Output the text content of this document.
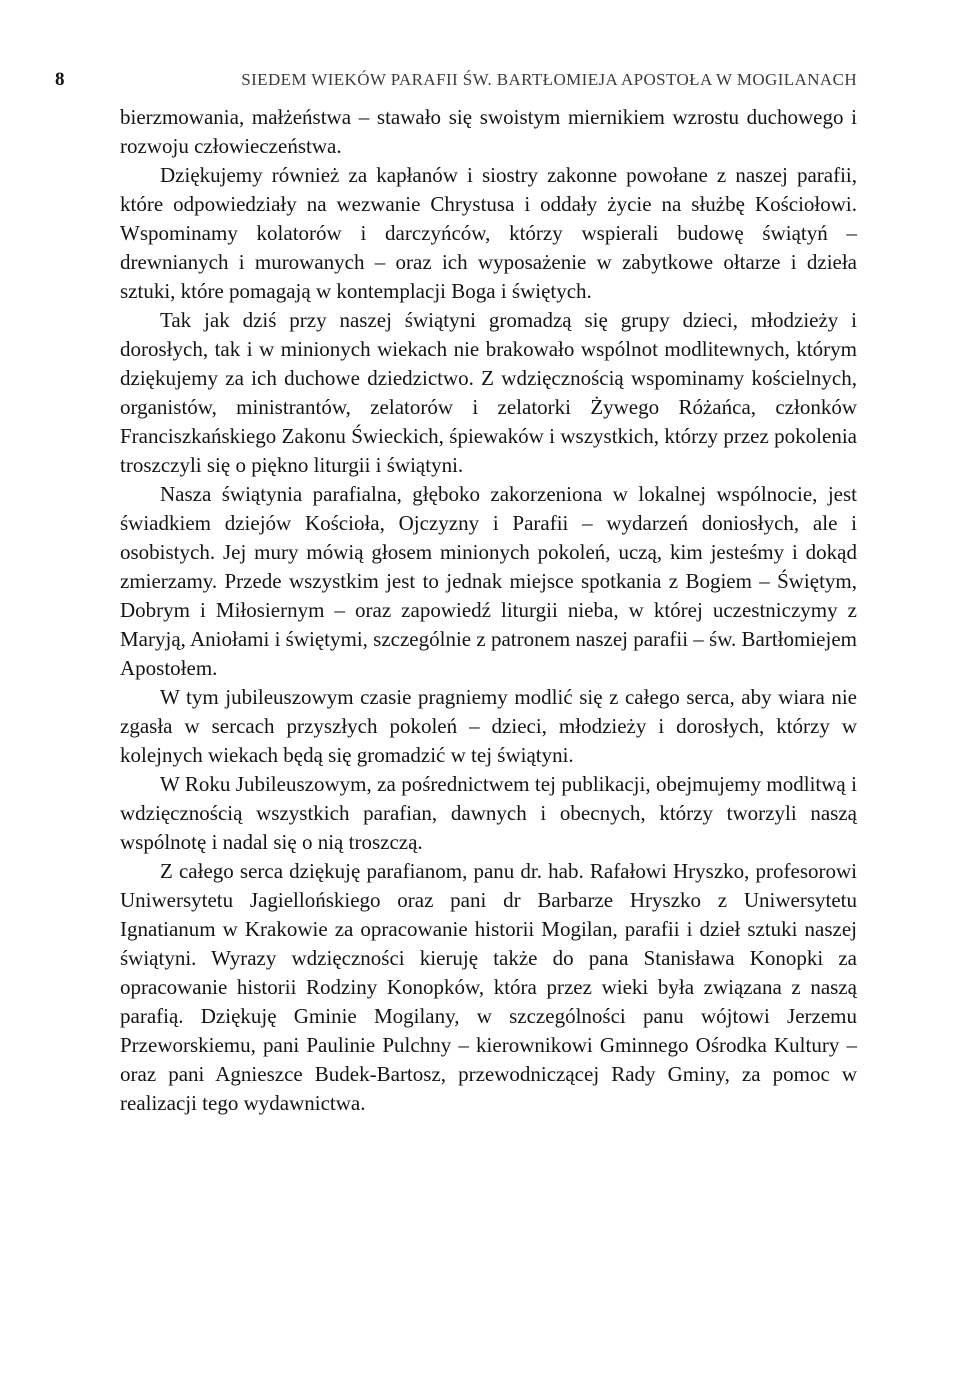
8	SIEDEM WIEKÓW PARAFII ŚW. BARTŁOMIEJA APOSTOŁA W MOGILANACH

bierzmowania, małżeństwa – stawało się swoistym miernikiem wzrostu duchowego i rozwoju człowieczeństwa.

Dziękujemy również za kapłanów i siostry zakonne powołane z naszej parafii, które odpowiedziały na wezwanie Chrystusa i oddały życie na służbę Kościołowi. Wspominamy kolatorów i darczyńców, którzy wspierali budowę świątyń – drewnianych i murowanych – oraz ich wyposażenie w zabytkowe ołtarze i dzieła sztuki, które pomagają w kontemplacji Boga i świętych.

Tak jak dziś przy naszej świątyni gromadzą się grupy dzieci, młodzieży i dorosłych, tak i w minionych wiekach nie brakowało wspólnot modlitewnych, którym dziękujemy za ich duchowe dziedzictwo. Z wdzięcznością wspominamy kościelnych, organistów, ministrantów, zelatorów i zelatorki Żywego Różańca, członków Franciszkańskiego Zakonu Świeckich, śpiewaków i wszystkich, którzy przez pokolenia troszczyli się o piękno liturgii i świątyni.

Nasza świątynia parafialna, głęboko zakorzeniona w lokalnej wspólnocie, jest świadkiem dziejów Kościoła, Ojczyzny i Parafii – wydarzeń doniosłych, ale i osobistych. Jej mury mówią głosem minionych pokoleń, uczą, kim jesteśmy i dokąd zmierzamy. Przede wszystkim jest to jednak miejsce spotkania z Bogiem – Świętym, Dobrym i Miłosiernym – oraz zapowiedź liturgii nieba, w której uczestniczymy z Maryją, Aniołami i świętymi, szczególnie z patronem naszej parafii – św. Bartłomiejem Apostołem.

W tym jubileuszowym czasie pragniemy modlić się z całego serca, aby wiara nie zgasła w sercach przyszłych pokoleń – dzieci, młodzieży i dorosłych, którzy w kolejnych wiekach będą się gromadzić w tej świątyni.

W Roku Jubileuszowym, za pośrednictwem tej publikacji, obejmujemy modlitwą i wdzięcznością wszystkich parafian, dawnych i obecnych, którzy tworzyli naszą wspólnotę i nadal się o nią troszczą.

Z całego serca dziękuję parafianom, panu dr. hab. Rafałowi Hryszko, profesorowi Uniwersytetu Jagiellońskiego oraz pani dr Barbarze Hryszko z Uniwersytetu Ignatianum w Krakowie za opracowanie historii Mogilan, parafii i dzieł sztuki naszej świątyni. Wyrazy wdzięczności kieruję także do pana Stanisława Konopki za opracowanie historii Rodziny Konopków, która przez wieki była związana z naszą parafią. Dziękuję Gminie Mogilany, w szczególności panu wójtowi Jerzemu Przeworskiemu, pani Paulinie Pulchny – kierownikowi Gminnego Ośrodka Kultury – oraz pani Agnieszce Budek-Bartosz, przewodniczącej Rady Gminy, za pomoc w realizacji tego wydawnictwa.
